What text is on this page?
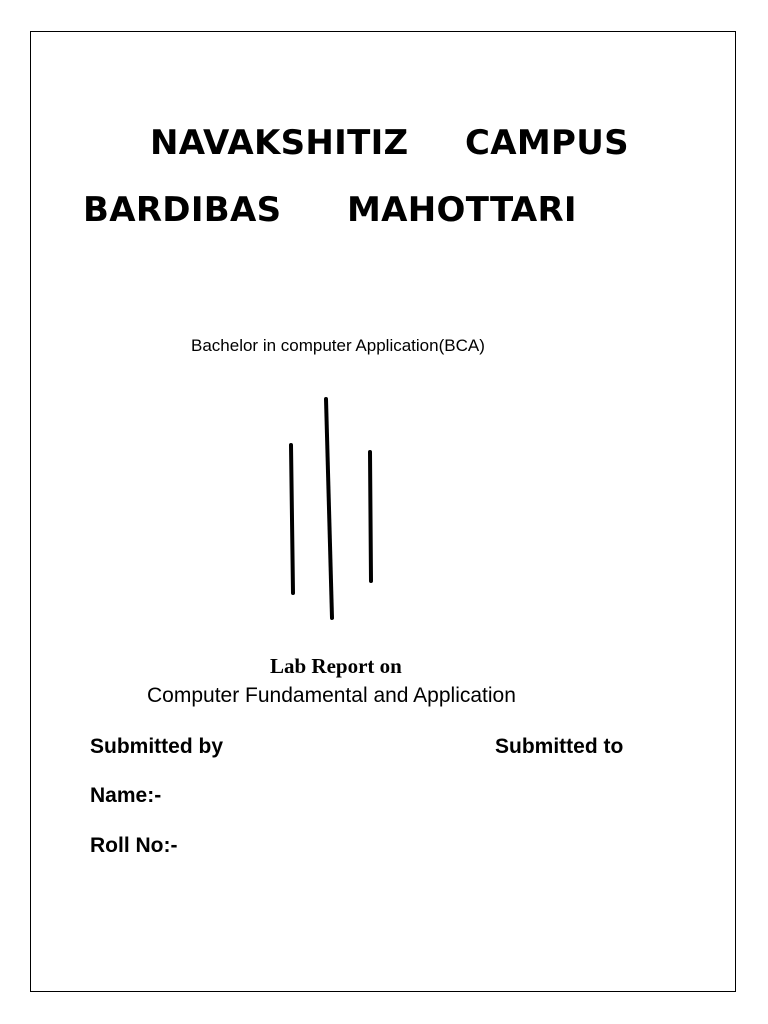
NAVAKSHITIZ CAMPUS
BARDIBAS MAHOTTARI
Bachelor in computer Application(BCA)
Lab Report on
Computer Fundamental and Application
Submitted by	Submitted to
Name:-
Roll No:-
